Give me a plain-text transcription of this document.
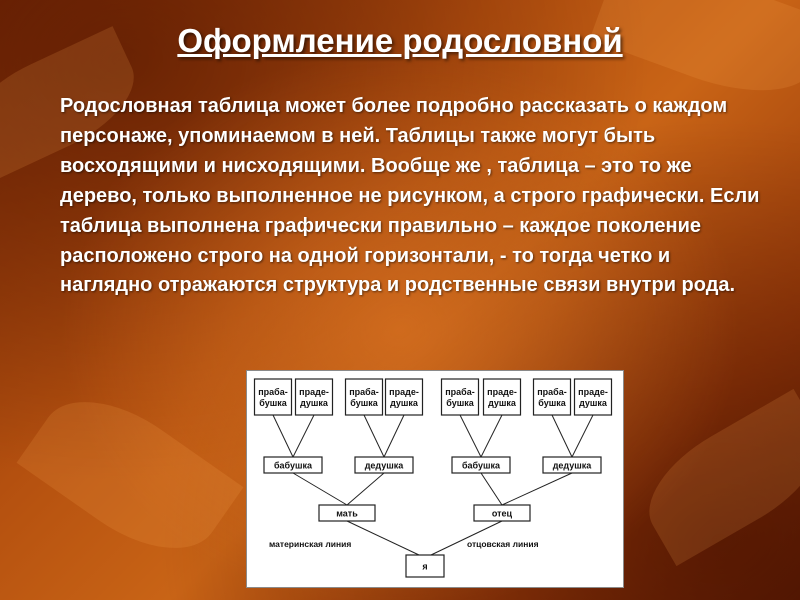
Оформление родословной

Родословная таблица может более подробно рассказать о каждом персонаже, упоминаемом в ней. Таблицы также могут быть восходящими и нисходящими. Вообще же , таблица – это то же дерево, только выполненное не рисунком, а строго графически. Если таблица выполнена графически правильно – каждое поколение расположено строго на одной горизонтали, - то тогда четко и наглядно отражаются структура и родственные связи внутри рода.

праба-
бушка
праде-
душка
праба-
бушка
праде-
душка
праба-
бушка
праде-
душка
праба-
бушка
праде-
душка
бабушка	дедушка	бабушка	дедушка
мать	отец
я
материнская линия	отцовская линия
